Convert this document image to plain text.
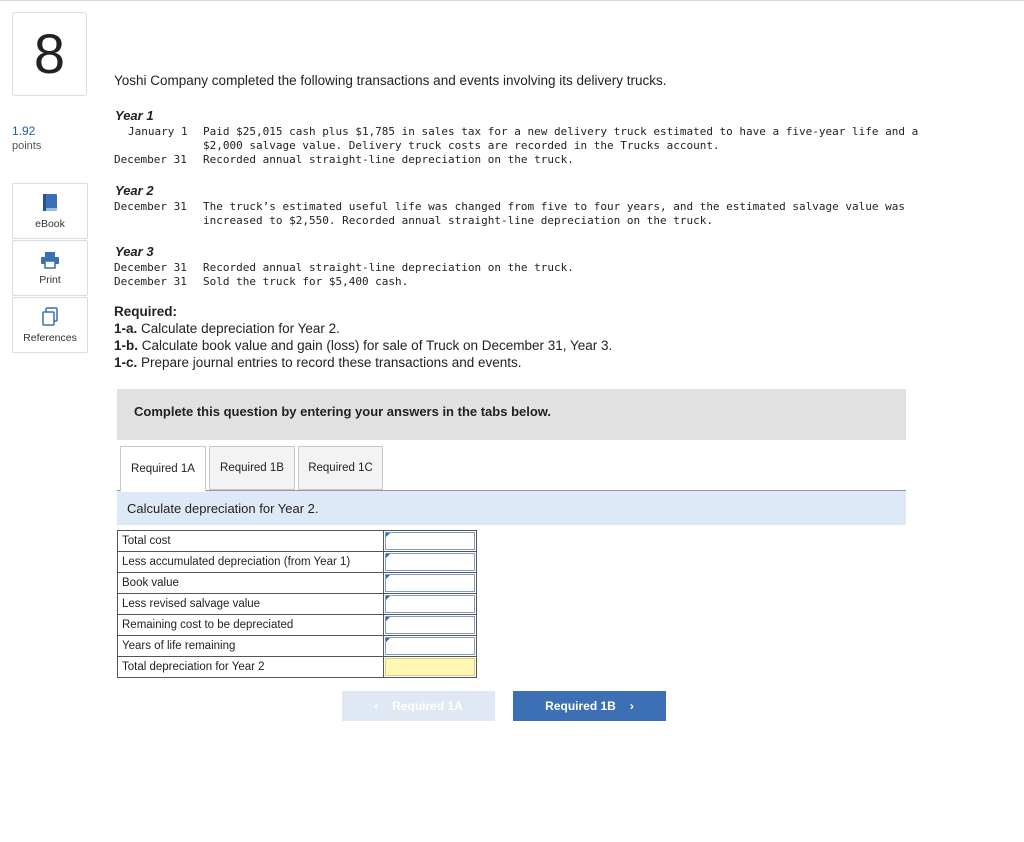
8
1.92
points
eBook
Print
References
Yoshi Company completed the following transactions and events involving its delivery trucks.
Year 1
January 1 Paid $25,015 cash plus $1,785 in sales tax for a new delivery truck estimated to have a five-year life and a
$2,000 salvage value. Delivery truck costs are recorded in the Trucks account.
December 31 Recorded annual straight-line depreciation on the truck.
Year 2
December 31 The truck’s estimated useful life was changed from five to four years, and the estimated salvage value was
increased to $2,550. Recorded annual straight-line depreciation on the truck.
Year 3
December 31 Recorded annual straight-line depreciation on the truck.
December 31 Sold the truck for $5,400 cash.
Required:
1-a. Calculate depreciation for Year 2.
1-b. Calculate book value and gain (loss) for sale of Truck on December 31, Year 3.
1-c. Prepare journal entries to record these transactions and events.
Complete this question by entering your answers in the tabs below.
Required 1A	Required 1B	Required 1C
Calculate depreciation for Year 2.
Total cost	

Less accumulated depreciation (from Year 1)	

Book value	

Less revised salvage value	

Remaining cost to be depreciated	

Years of life remaining	

Total depreciation for Year 2	
‹ Required 1A	Required 1B ›
